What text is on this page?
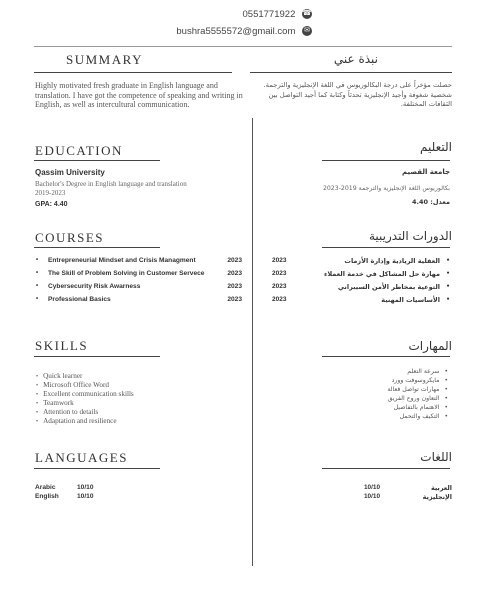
0551771922 ☎
bushra5555572@gmail.com ✉
SUMMARY
Highly motivated fresh graduate in English language and translation. I have got the competence of speaking and writing in English, as well as intercultural communication.
نبذة عني
حصلت مؤخراً على درجة البكالوريوس في اللغة الإنجليزية والترجمة. شخصية شغوفة وأجيد الإنجليزية تحدثاً وكتابة كما أجيد التواصل بين الثقافات المختلفة.
EDUCATION
Qassim University
Bachelor's Degree in English language and translation 2019-2023
GPA: 4.40
التعليم
جامعة القصيم
بكالوريوس اللغة الإنجليزية والترجمة 2019-2023
معدل: 4.40
COURSES
• Entrepreneurial Mindset and Crisis Managment	2023
• The Skill of Problem Solving in Customer Servece	2023
• Cybersecurity Risk Awarness	2023
• Professional Basics	2023
الدورات التدريبية
2023	العقلية الريادية وإدارة الأزمات •
2023	مهارة حل المشاكل في خدمة العملاء •
2023	التوعية بمخاطر الأمن السيبراني •
2023	الأساسيات المهنية •
SKILLS
• Quick learner
• Microsoft Office Word
• Excellent communication skills
• Teamwork
• Attention to details
• Adaptation and resilience
المهارات
•سرعة التعلم
•مايكروسوفت وورد
•مهارات تواصل فعالة
•التعاون وروح الفريق
•الاهتمام بالتفاصيل
•التكيف والتحمل
LANGUAGES
Arabic	10/10
English	10/10
اللغات
10/10	العربية
10/10	الإنجليزية
